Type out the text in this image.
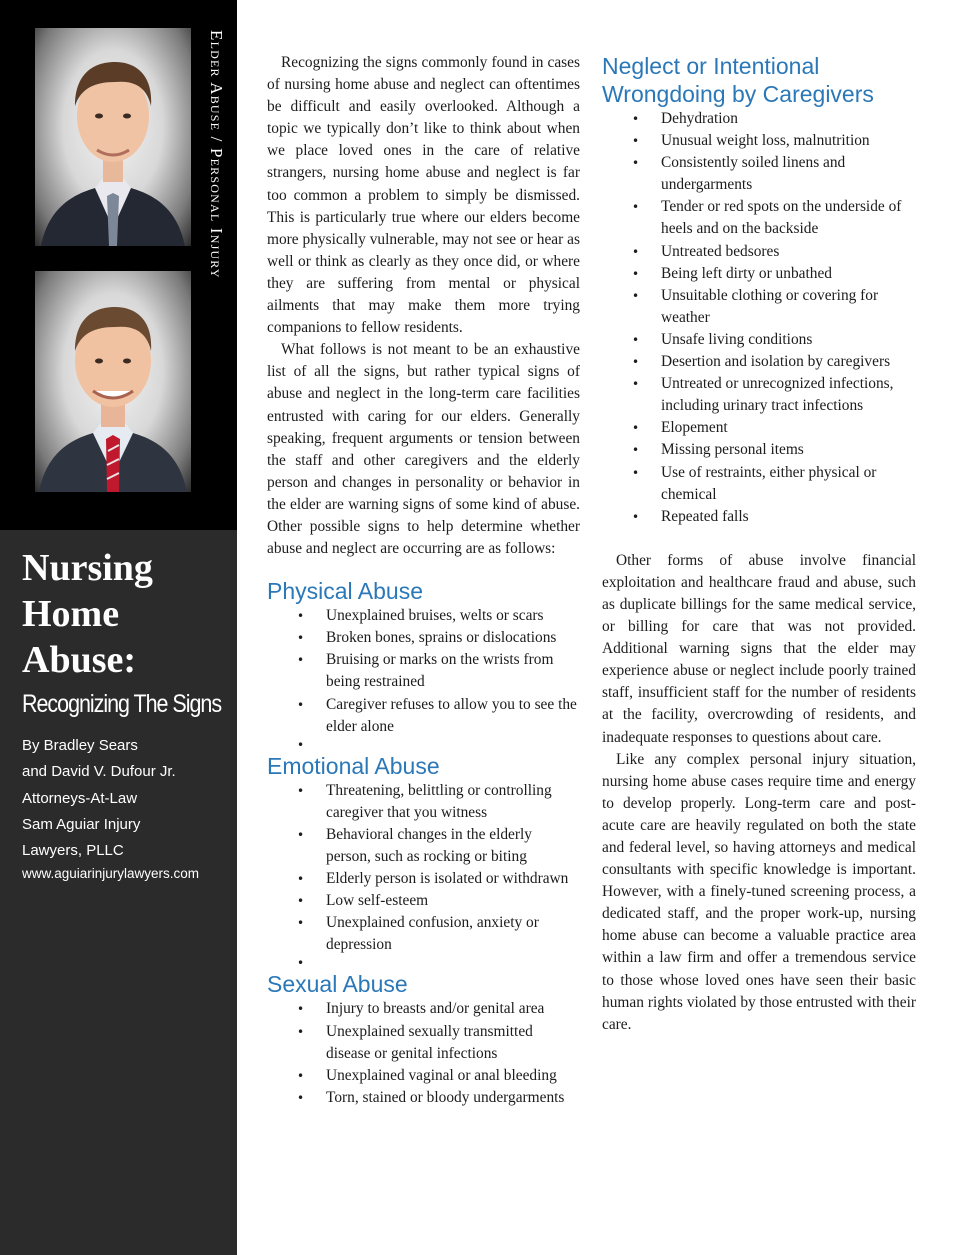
Elder Abuse / Personal Injury
Nursing
Home
Abuse:
Recognizing The Signs
By Bradley Sears
and David V. Dufour Jr.
Attorneys-At-Law
Sam Aguiar Injury
Lawyers, PLLC
www.aguiarinjurylawyers.com

Recognizing the signs commonly found in cases of nursing home abuse and neglect can oftentimes be difficult and easily overlooked. Although a topic we typically don’t like to think about when we place loved ones in the care of relative strangers, nursing home abuse and neglect is far too common a problem to simply be dismissed. This is particularly true where our elders become more physically vulnerable, may not see or hear as well or think as clearly as they once did, or where they are suffering from mental or physical ailments that may make them more trying companions to fellow residents.

What follows is not meant to be an exhaustive list of all the signs, but rather typical signs of abuse and neglect in the long-term care facilities entrusted with caring for our elders. Generally speaking, frequent arguments or tension between the staff and other caregivers and the elderly person and changes in personality or behavior in the elder are warning signs of some kind of abuse. Other possible signs to help determine whether abuse and neglect are occurring are as follows:

Physical Abuse
• Unexplained bruises, welts or scars
• Broken bones, sprains or dislocations
• Bruising or marks on the wrists from being restrained
• Caregiver refuses to allow you to see the elder alone
•
Emotional Abuse
• Threatening, belittling or controlling caregiver that you witness
• Behavioral changes in the elderly person, such as rocking or biting
• Elderly person is isolated or withdrawn
• Low self-esteem
• Unexplained confusion, anxiety or depression
•
Sexual Abuse
• Injury to breasts and/or genital area
• Unexplained sexually transmitted disease or genital infections
• Unexplained vaginal or anal bleeding
• Torn, stained or bloody undergarments
Neglect or Intentional Wrongdoing by Caregivers
• Dehydration
• Unusual weight loss, malnutrition
• Consistently soiled linens and undergarments
• Tender or red spots on the underside of heels and on the backside
• Untreated bedsores
• Being left dirty or unbathed
• Unsuitable clothing or covering for weather
• Unsafe living conditions
• Desertion and isolation by caregivers
• Untreated or unrecognized infections, including urinary tract infections
• Elopement
• Missing personal items
• Use of restraints, either physical or chemical
• Repeated falls

Other forms of abuse involve financial exploitation and healthcare fraud and abuse, such as duplicate billings for the same medical service, or billing for care that was not provided. Additional warning signs that the elder may experience abuse or neglect include poorly trained staff, insufficient staff for the number of residents at the facility, overcrowding of residents, and inadequate responses to questions about care.

Like any complex personal injury situation, nursing home abuse cases require time and energy to develop properly. Long-term care and post-acute care are heavily regulated on both the state and federal level, so having attorneys and medical consultants with specific knowledge is important. However, with a finely-tuned screening process, a dedicated staff, and the proper work-up, nursing home abuse can become a valuable practice area within a law firm and offer a tremendous service to those whose loved ones have seen their basic human rights violated by those entrusted with their care.
